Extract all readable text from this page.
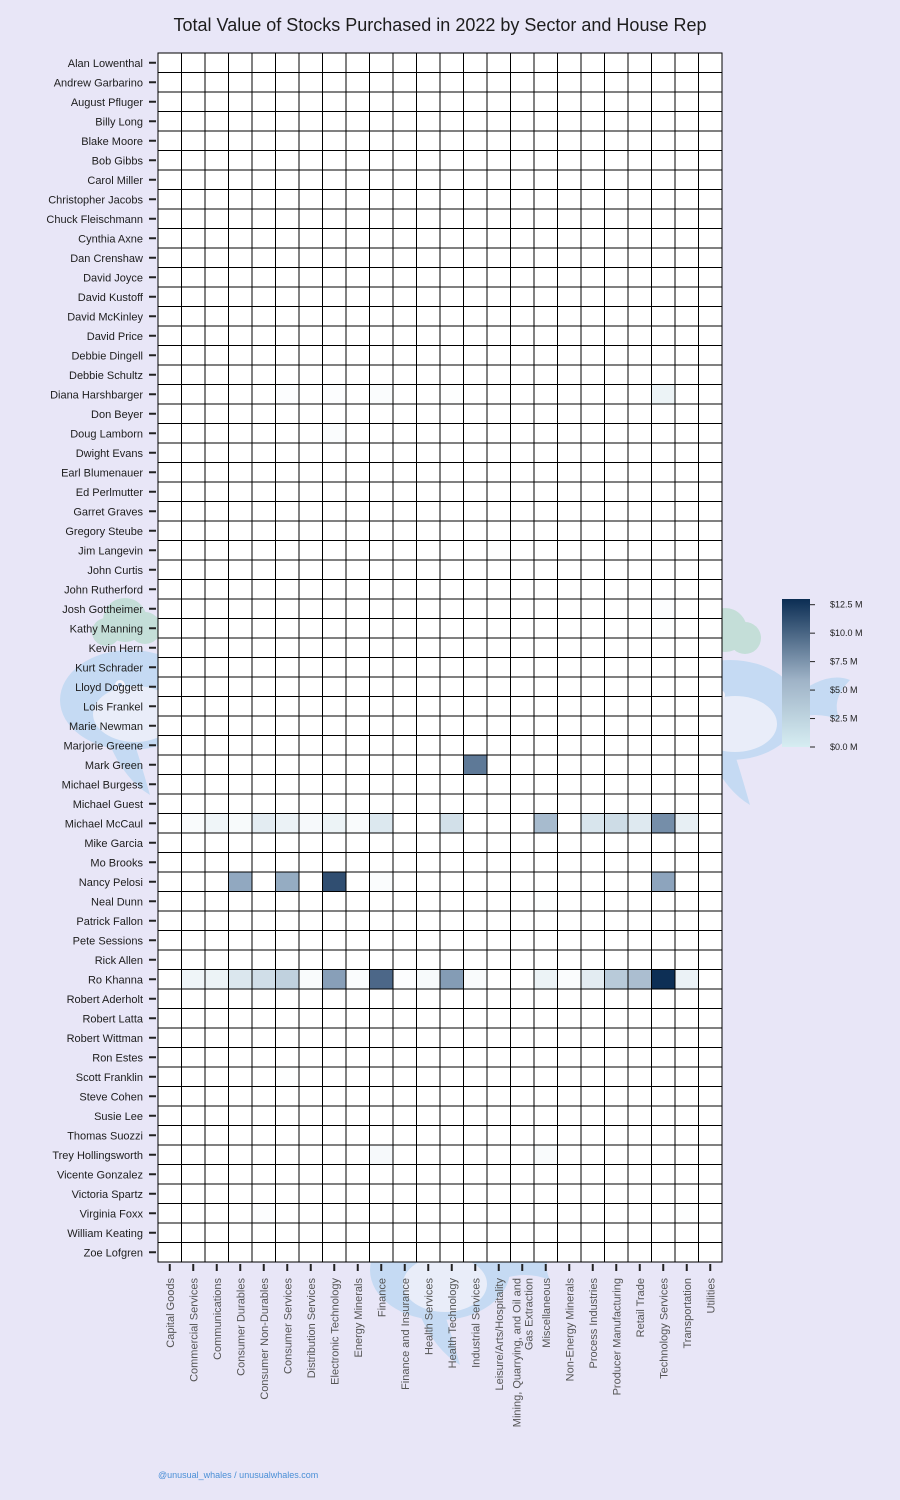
Total Value of Stocks Purchased in 2022 by Sector and House Rep
Alan Lowenthal
Andrew Garbarino
August Pfluger
Billy Long
Blake Moore
Bob Gibbs
Carol Miller
Christopher Jacobs
Chuck Fleischmann
Cynthia Axne
Dan Crenshaw
David Joyce
David Kustoff
David McKinley
David Price
Debbie Dingell
Debbie Schultz
Diana Harshbarger
Don Beyer
Doug Lamborn
Dwight Evans
Earl Blumenauer
Ed Perlmutter
Garret Graves
Gregory Steube
Jim Langevin
John Curtis
John Rutherford
Josh Gottheimer
Kathy Manning
Kevin Hern
Kurt Schrader
Lloyd Doggett
Lois Frankel
Marie Newman
Marjorie Greene
Mark Green
Michael Burgess
Michael Guest
Michael McCaul
Mike Garcia
Mo Brooks
Nancy Pelosi
Neal Dunn
Patrick Fallon
Pete Sessions
Rick Allen
Ro Khanna
Robert Aderholt
Robert Latta
Robert Wittman
Ron Estes
Scott Franklin
Steve Cohen
Susie Lee
Thomas Suozzi
Trey Hollingsworth
Vicente Gonzalez
Victoria Spartz
Virginia Foxx
William Keating
Zoe Lofgren
Capital Goods Commercial Services Communications Consumer Durables Consumer Non-Durables Consumer Services Distribution Services Electronic Technology Energy Minerals Finance Finance and Insurance Health Services Health Technology Industrial Services Leisure/Arts/Hospitality Mining, Quarrying, and Oil and Gas Extraction Miscellaneous Non-Energy Minerals Process Industries Producer Manufacturing Retail Trade Technology Services Transportation Utilities
$0.0 M
$2.5 M
$5.0 M
$7.5 M
$10.0 M
$12.5 M
@unusual_whales / unusualwhales.com
